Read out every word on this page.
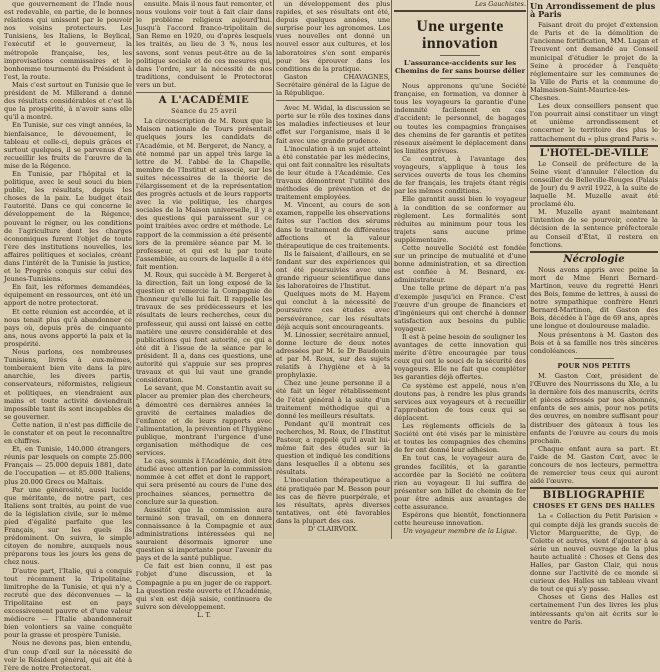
que gouvernement de l'Inde nous est redevable, en partie, de le bonnes relations qui unissent par le pouvoir nos voisins protecteurs. Les Tunisiens, les Italiens, le Beylical, l'exécutif et le gouverneur, la métropole française, les, les improvisations commissaires et le bonhomme tourmenté du Président à l'est, la route.

Mais c'est surtout en Tunisie que le président de M. Millerand a donné des résultats considérables et c'est là que la prospérité, à n'avoir sans elle qu'il a montré.

En Tunisie, sur ces vingt années, la bienfaisance, le dévouement, le tableau et celle-ci, depuis grâces et surtout quelques, il se parvenus d'en recueillir les fruits de l'œuvre de la mise de la Régence.

En Tunisie, par l'hôpital et la politique, avec le seul souci du bien public, les résultats, depuis les choses de la paix. Le budget était l'autorité. Dans ce qui concerne le développement de la Régence, pouvant le régner, ou les conditions de l'agriculture dont les charges économiques furent l'objet de toute l'ère des institutions nouvelles, les affaires politiques et sociales, créant dans l'intérêt de la Tunisie la justice, et le Progrès conquis sur celui des Jeunes-Tunisiens.

En fait, les réformes demandées, équipement en ressources, ont été un apport de notre protectorat.

Et cette réunion est accordée, et il nous tenait plus qu'à abandonner ce pays où, depuis près de cinquante ans, nous avons apporté la paix et la prospérité.

Nous parlons, ces nombreuses Tunisiens, livrés à eux-mêmes, tomberaient bien vite dans la pire anarchie, les divers partis, conservateurs, réformistes, religieux et politiques, en viendraient aux mains et toute activité deviendrait impossible tant ils sont incapables de se gouverner.

Cette nation, il n'est pas difficile de le constater et on peut le reconnaître en chiffres.

Et, en Tunisie, 140.000 étrangers, réunis par lesquels on compte 25.000 Français — 25.000 depuis 1881, date de l'occupation — et 85.000 Italiens, plus 20.000 Grecs ou Maltais.

Par une générosité, aussi lucide que méritante, de notre part, ces Italiens sont traités, au point de vue de la législation civile, sur le même pied d'égalité parfaite que les Français, sur les quels ils prédominent. On suivra, le simple citoyen de nombre, auxquels nous préparons tous les jours les gens de chez nous.

D'autre part, l'Italie, qui a conquis tout récemment la Tripolitaine, limitrophe de la Tunisie, et qui n'y a recruté que des déconvenues — la Tripolitaine est en pays excessivement pauvre et d'une valeur médiocre — l'Italie abandonnerait bien volontiers sa vaine conquête pour la grasse et prospère Tunisie.

Nous ne devons pas, bien entendu, d'un coup d'œil sur la nécessité de voir le Résident général, qui ait été à l'ère de notre Protectorat.

ensuite. Mais il nous faut remonter, et nous voulons voir tout à fait clair dans le problème religieux aujourd'hui. Jusqu'à l'accord franco-tripolitain de San Remo en 1920, ou d'après lesquels les traités, au lieu de 3 %, nous les savons, sont venus peut-être au de la politique sociale et de ces mesures qui, dans l'ordre, sur la nécessité de nos traditions, conduisent le Protectorat vers un but.

A L'ACADÉMIE
Séance du 25 avril

La circonscription de M. Roux que la Maison nationale de Tours présentait quelques jours les candidats de l'Académie, et M. Bergeret, de Nancy, a été nommé par un appel très large la lettre de M. l'abbé de la Chapelle, membre de l'Institut et associé, sur les suites nécessaires de la théorie de l'élargissement et de la représentation des progrès actuels et de leurs rapports avec la vie politique, les charges sociales de la Maison universelle, il y a des questions qui paraissent sur ce point traitées avec ordre et méthode. Le rapport de la commission a été présenté lors de la première séance par M. le professeur, et qui est lu par toute l'assemblée, au cours de laquelle il a été fait mention.

M. Roux, qui succède à M. Bergeret à la direction, fait un long exposé de la question et remercie la Compagnie de l'honneur qu'elle lui fait. Il rappelle les travaux de ses prédécesseurs et les résultats de leurs recherches, ceux du professeur, qui aussi ont laissé en cette matière une œuvre considérable et des publications qui font autorité, ce qui a été dit à l'issue de la séance par le président. Il a, dans ces questions, une autorité qui s'appuie sur ses propres travaux et qui lui vaut une grande considération.

Le savant, que M. Constantin avait su placer au premier plan des chercheurs, a démontré ces dernières années la gravité de certaines maladies de l'enfance et de leurs rapports avec l'alimentation, la prévention et l'hygiène publique, montrant l'urgence d'une organisation méthodique de ces services.

Le cas, soumis à l'Académie, doit être étudié avec attention par la commission nommée à cet effet et dont le rapport, qui sera présenté au cours de l'une des prochaines séances, permettra de conclure sur la question.

Aussitôt que la commission aura terminé son travail, on en donnera connaissance à la Compagnie et aux administrations intéressées qui ne sauraient désormais ignorer une question si importante pour l'avenir du pays et de la santé publique.

Ce fait est bien connu, il est pas l'objet d'une discussion, et la Compagnie a pu en juger de ce rapport. La question reste ouverte et l'Académie, qui s'en est déjà saisie, continuera de suivre son développement.

L. T.

un développement des plus rapides, et ses résultats ont été, depuis quelques années, une surprise pour les agronomes. Les vues nouvelles ont donné un nouvel essor aux cultures, et les laboratoires s'en sont emparés pour les éprouver dans les conditions de la pratique.

Gaston CHAVAGNES, Secrétaire général de la Ligue de la République.

Avec M. Widal, la discussion se porte sur le rôle des toxines dans les maladies infectieuses et leur effet sur l'organisme, mais il le fait avec une grande prudence.

L'inoculation à un sujet atteint a été constatée par les médecins, qui ont fait connaître les résultats de leur étude à l'Académie. Ces travaux démontrent l'utilité des méthodes de prévention et de traitement employées.

M. Vincent, au cours de son examen, rappelle les observations faites sur l'action des sérums dans le traitement de différentes affections et la valeur thérapeutique de ces traitements.

Ils le faisaient, d'ailleurs, en se fondant sur des expériences qui ont été poursuivies avec une grande rigueur scientifique dans les laboratoires de l'Institut.

Quelques mots de M. Hayem qui conclut à la nécessité de poursuivre ces études avec persévérance, car les résultats déjà acquis sont encourageants.

M. Linossier, secrétaire annuel, donne lecture de deux notes adressées par M. le Dr Baudouin et par M. Roux, sur des sujets relatifs à l'hygiène et à la prophylaxie.

Chez une jeune personne il a été fait un léger rétablissement de l'état général à la suite d'un traitement méthodique qui a donné les meilleurs résultats.

Pendant qu'il montrait ces recherches, M. Roux, de l'Institut Pasteur, a rappelé qu'il avait lui-même fait des études sur la question et indiqué les conditions dans lesquelles il a obtenu ses résultats.

L'inoculation thérapeutique a été pratiquée par M. Besson pour les cas de fièvre puerpérale, et les résultats, après diverses tentatives, ont été favorables dans la plupart des cas.

D' CLAIRVOIX.
Les Gauchistes.
Une urgente innovation
L'assurance-accidents sur les Chemins de fer sans bourse délier

Nous apprenons qu'une Société française, en formation, va donner à tous les voyageurs la garantie d'une indemnité facilement en cas d'accident: le personnel, de bagages ou toutes les compagnies françaises des chemins de fer garantis et petites réseaux aisément le déplacement dans les limites prévues.

Ce contrat, à l'avantage des voyageurs, s'applique à tous les services ouverts de tous les chemins de fer français, les trajets étant régis par les mêmes conditions.

Elle garantit aussi bien le voyageur à la condition de se conformer au règlement. Les formalités sont réduites au minimum pour tous les trajets sans aucune prime supplémentaire.

Cette nouvelle Société est fondée sur un principe de mutualité et d'une bonne administration, et sa direction est confiée à M. Besnard, ex-administrateur.

Une telle prime de départ n'a pas d'exemple jusqu'ici en France. C'est l'œuvre d'un groupe de financiers et d'ingénieurs qui ont cherché à donner satisfaction aux besoins du public voyageur.

Il est à peine besoin de souligner les avantages de cette innovation qui mérite d'être encouragée par tous ceux qui ont le souci de la sécurité des voyageurs. Elle ne fait que compléter les garanties déjà offertes.

Ce système est appelé, nous n'en doutons pas, à rendre les plus grands services aux voyageurs et à recueillir l'approbation de tous ceux qui se déplacent.

Les règlements officiels de la Société ont été visés par le ministère et toutes les compagnies des chemins de fer ont donné leur adhésion.

En tout cas, le voyageur aura de grandes facilités, et la garantie accordée par la Société ne coûtera rien au voyageur. Il lui suffira de présenter son billet de chemin de fer pour être admis aux avantages de cette assurance.

Espérons que bientôt, fonctionnera cette heureuse innovation.

Un voyageur membre de la Ligue.
Un Arrondissement de plus à Paris

Faisant droit du projet d'extension de Paris et de la démolition de l'ancienne fortification, MM. Lugan et Treuvent ont demandé au Conseil municipal d'étudier le projet de la Seine à procéder à l'enquête réglementaire sur les communes de la Ville de Paris et la commune de Malmaison-Saint-Maurice-les-Chesnes.

Les deux conseillers pensent que l'on pourrait ainsi constituer un vingt et unième arrondissement et concerner le territoire des plus le rattachement du « plus grand Paris ».

L'HOTEL-DE-VILLE

Le Conseil de préfecture de la Seine vient d'annuler l'élection du conseiller de Belleville-Rouges (Palais de Jour) du 9 avril 1922, à la suite de laquelle M. Muzelle avait été proclamé élu.

M. Muzelle ayant maintenant l'intention de se pourvoir, contre la décision de la sentence préfectorale au Conseil d'État, il restera en fonctions.

Nécrologie

Nous avons appris avec peine la mort de Mme Henri Bernard-Martinon, veuve du regretté Henri des Bois, femme de lettres, à aussi de notre sympathique confrère Henri Bernard-Martinon, dit Gaston des Bois, décédée à l'âge de 69 ans, après une longue et douloureuse maladie.

Nous présentons à M. Gaston des Bois et à sa famille nos très sincères condoléances.

POUR NOS PETITS

M. Gaston Cœt, président de l'Œuvre des Nourrissons du XIe, a lu la dernière fois des manuscrits, écrits et pièces adressés par nos abonnés, enfants de ses amis, pour nos petits des œuvres, en nombre suffisant pour distribuer des gâteaux à tous les enfants de l'œuvre au cours du mois prochain.

Chaque enfant aura sa part. Et l'aide de M. Gaston Cœt, avec le concours de nos lecteurs, permettra de remercier tous ceux qui auront aidé l'œuvre.

BIBLIOGRAPHIE
CHOSES ET GENS DES HALLES

La « Collection du Petit Parisien » qui compte déjà les grands succès de Victor Margueritte, de Gyp, de Colette et autres, vient d'ajouter à sa série un nouvel ouvrage de la plus haute actualité : Choses et Gens des Halles, par Gaston Clair, qui nous donne sur l'activité de ce monde si curieux des Halles un tableau vivant de tout ce qui s'y passe.

Choses et Gens des Halles est certainement l'un des livres les plus intéressants qu'on ait écrits sur le ventre de Paris.
